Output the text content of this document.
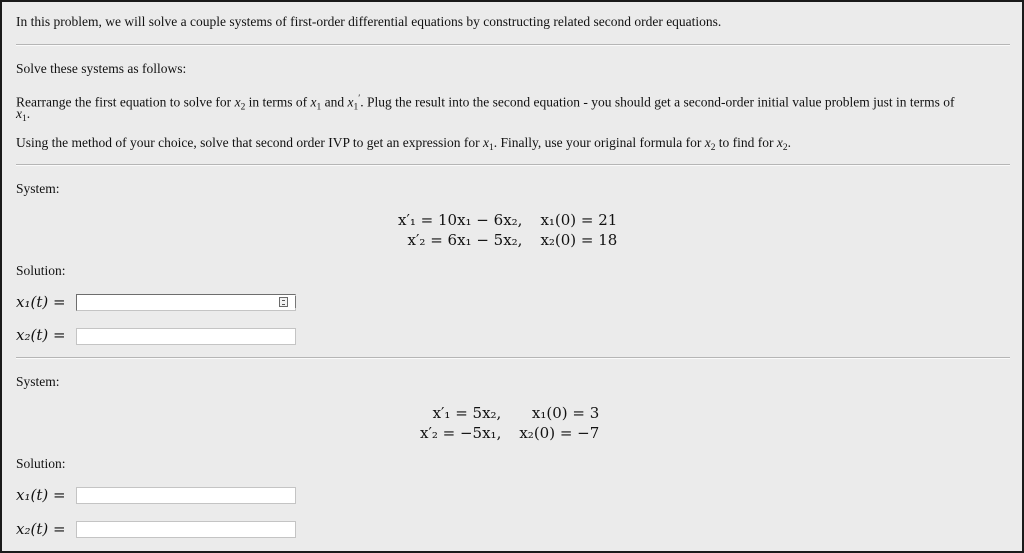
In this problem, we will solve a couple systems of first-order differential equations by constructing related second order equations.
Solve these systems as follows:
Rearrange the first equation to solve for $x_2$ in terms of $x_1$ and $x_1'$. Plug the result into the second equation - you should get a second-order initial value problem just in terms of
$x_1$.
Using the method of your choice, solve that second order IVP to get an expression for $x_1$. Finally, use your original formula for $x_2$ to find for $x_2$.
System:
x′₁ = 10x₁ − 6x₂,
x′₂ = 6x₁ − 5x₂,
x₁(0) = 21
x₂(0) = 18
Solution:
x₁(t) =
x₂(t) =
System:
x′₁ = 5x₂,
x′₂ = −5x₁,
x₁(0) = 3
x₂(0) = −7
Solution:
x₁(t) =
x₂(t) =
